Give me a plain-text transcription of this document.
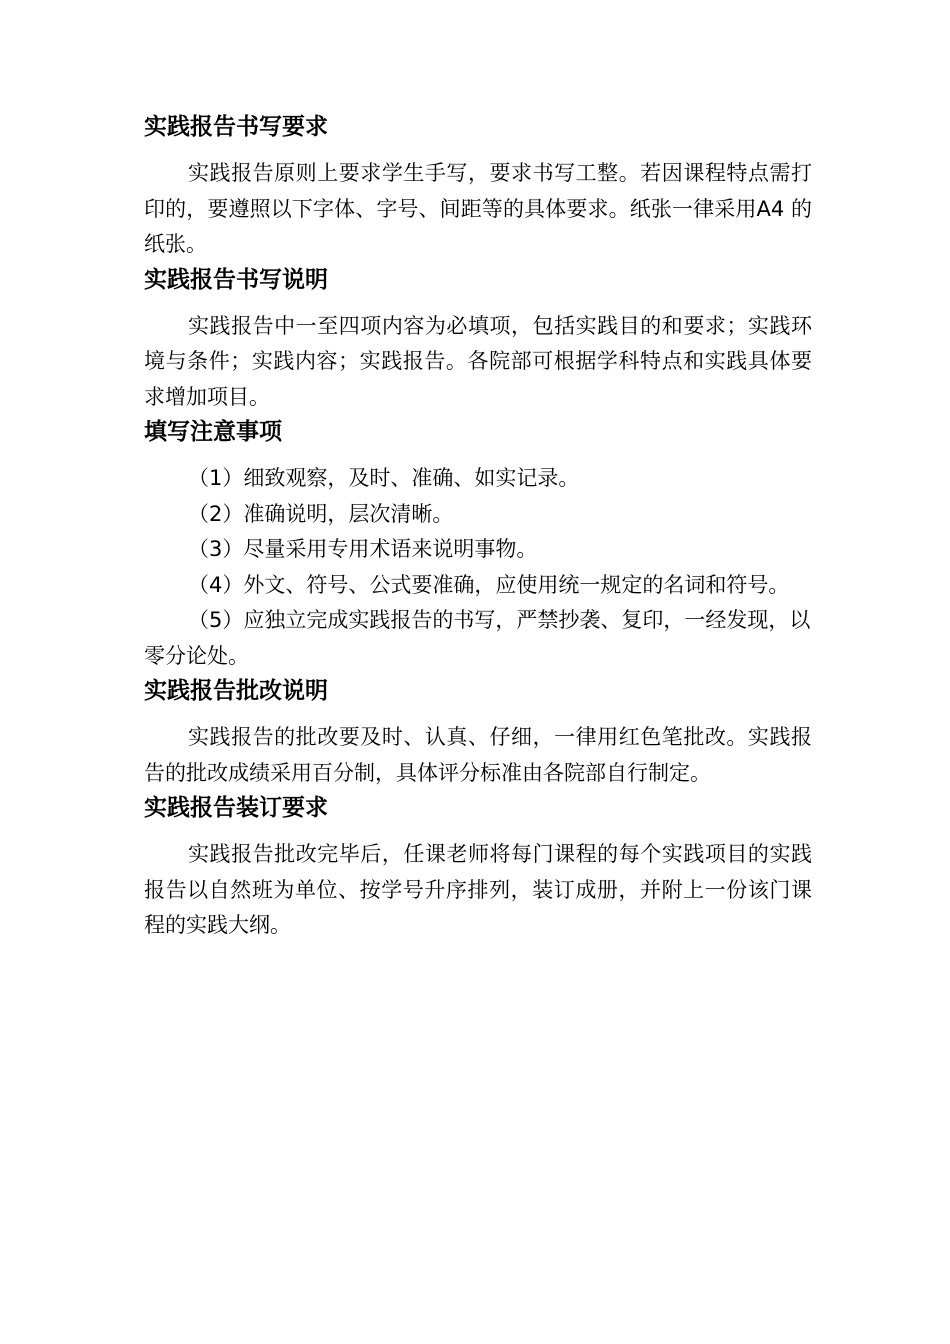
实践报告书写要求

实践报告原则上要求学生手写，要求书写工整。若因课程特点需打印的，要遵照以下字体、字号、间距等的具体要求。纸张一律采用A4 的纸张。

实践报告书写说明

实践报告中一至四项内容为必填项，包括实践目的和要求；实践环境与条件；实践内容；实践报告。各院部可根据学科特点和实践具体要求增加项目。

填写注意事项

（1）细致观察，及时、准确、如实记录。

（2）准确说明，层次清晰。

（3）尽量采用专用术语来说明事物。

（4）外文、符号、公式要准确，应使用统一规定的名词和符号。

（5）应独立完成实践报告的书写，严禁抄袭、复印，一经发现，以零分论处。

实践报告批改说明

实践报告的批改要及时、认真、仔细，一律用红色笔批改。实践报告的批改成绩采用百分制，具体评分标准由各院部自行制定。

实践报告装订要求

实践报告批改完毕后，任课老师将每门课程的每个实践项目的实践报告以自然班为单位、按学号升序排列，装订成册，并附上一份该门课程的实践大纲。
